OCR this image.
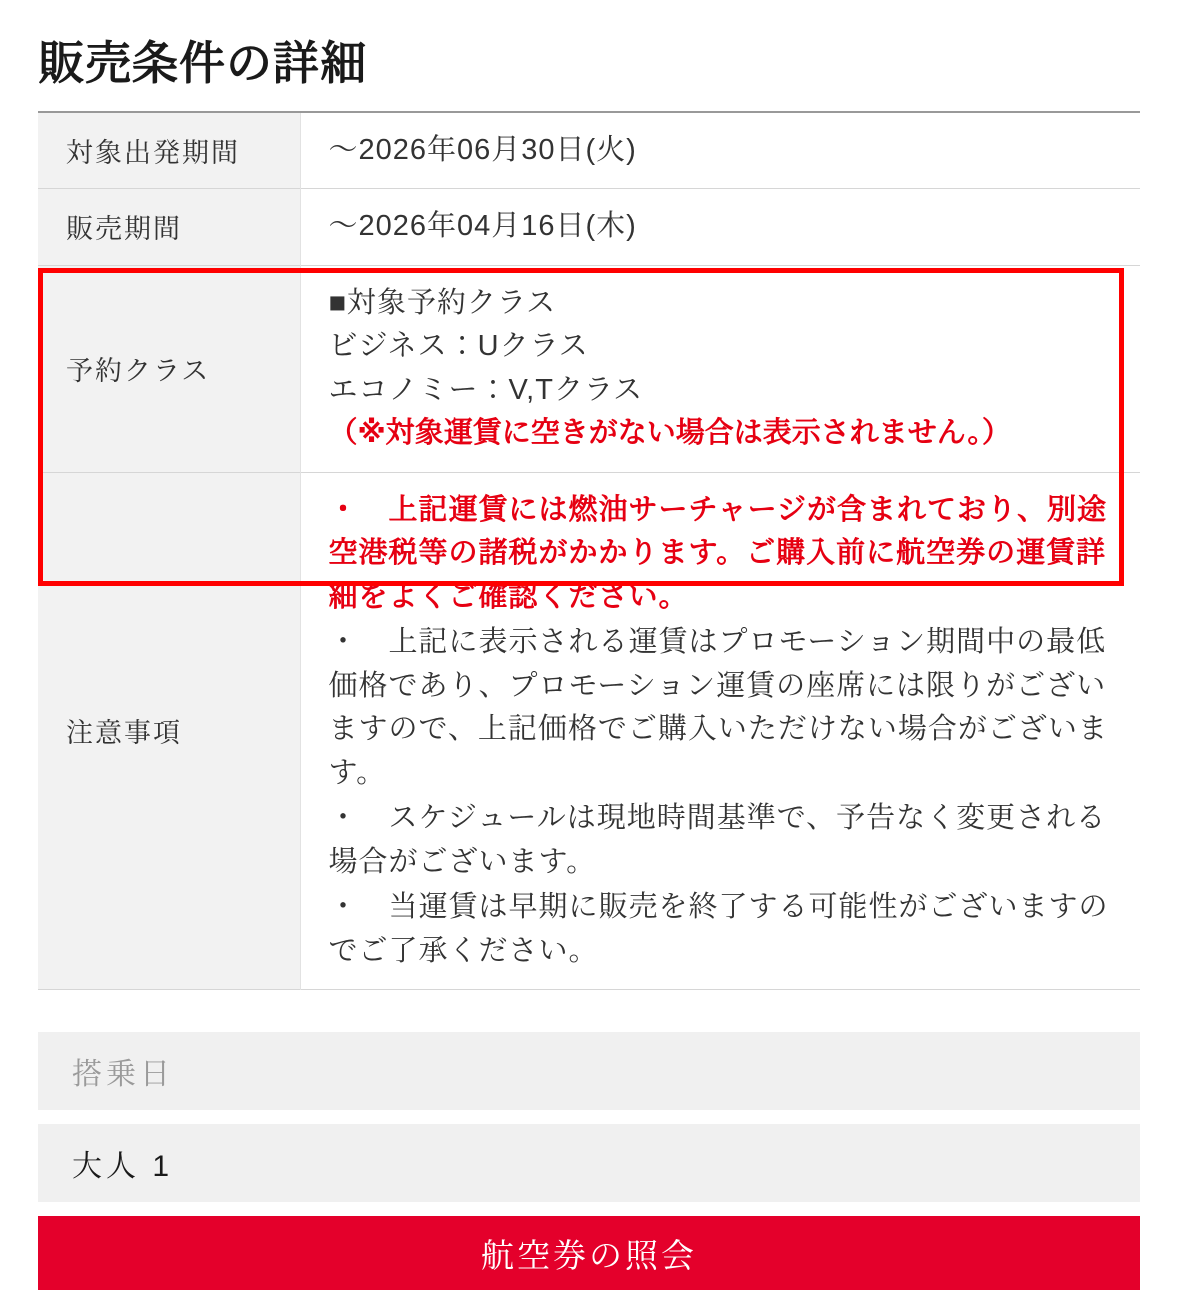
販売条件の詳細
対象出発期間	〜2026年06月30日(火)
販売期間	〜2026年04月16日(木)
予約クラス	■対象予約クラス
ビジネス：Uクラス
エコノミー：V,Tクラス
（※対象運賃に空きがない場合は表示されません。）

注意事項	・　上記運賃には燃油サーチャージが含まれており、別途空港税等の諸税がかかります。ご購入前に航空券の運賃詳細をよくご確認ください。
・　上記に表示される運賃はプロモーション期間中の最低価格であり、プロモーション運賃の座席には限りがございますので、上記価格でご購入いただけない場合がございます。
・　スケジュールは現地時間基準で、予告なく変更される場合がございます。
・　当運賃は早期に販売を終了する可能性がございますのでご了承ください。
搭乗日
大人 1
航空券の照会
